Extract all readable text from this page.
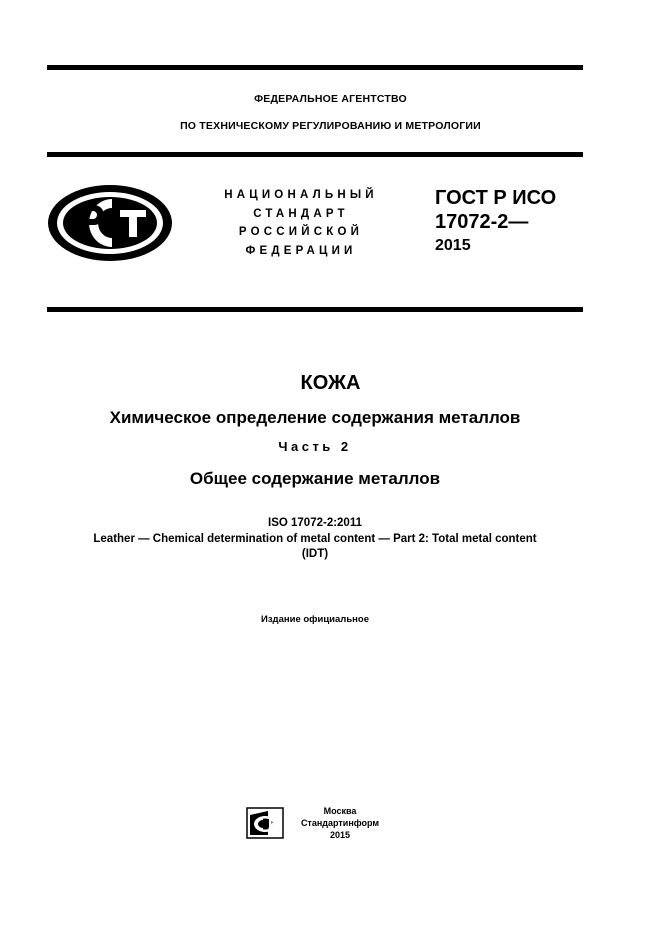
ФЕДЕРАЛЬНОЕ АГЕНТСТВО
ПО ТЕХНИЧЕСКОМУ РЕГУЛИРОВАНИЮ И МЕТРОЛОГИИ
НАЦИОНАЛЬНЫЙ
СТАНДАРТ
РОССИЙСКОЙ
ФЕДЕРАЦИИ
ГОСТ Р ИСО
17072-2—
2015
КОЖА
Химическое определение содержания металлов
Часть 2
Общее содержание металлов
ISO 17072-2:2011
Leather — Chemical determination of metal content — Part 2: Total metal content
(IDT)
Издание официальное
Москва
Стандартинформ
2015
